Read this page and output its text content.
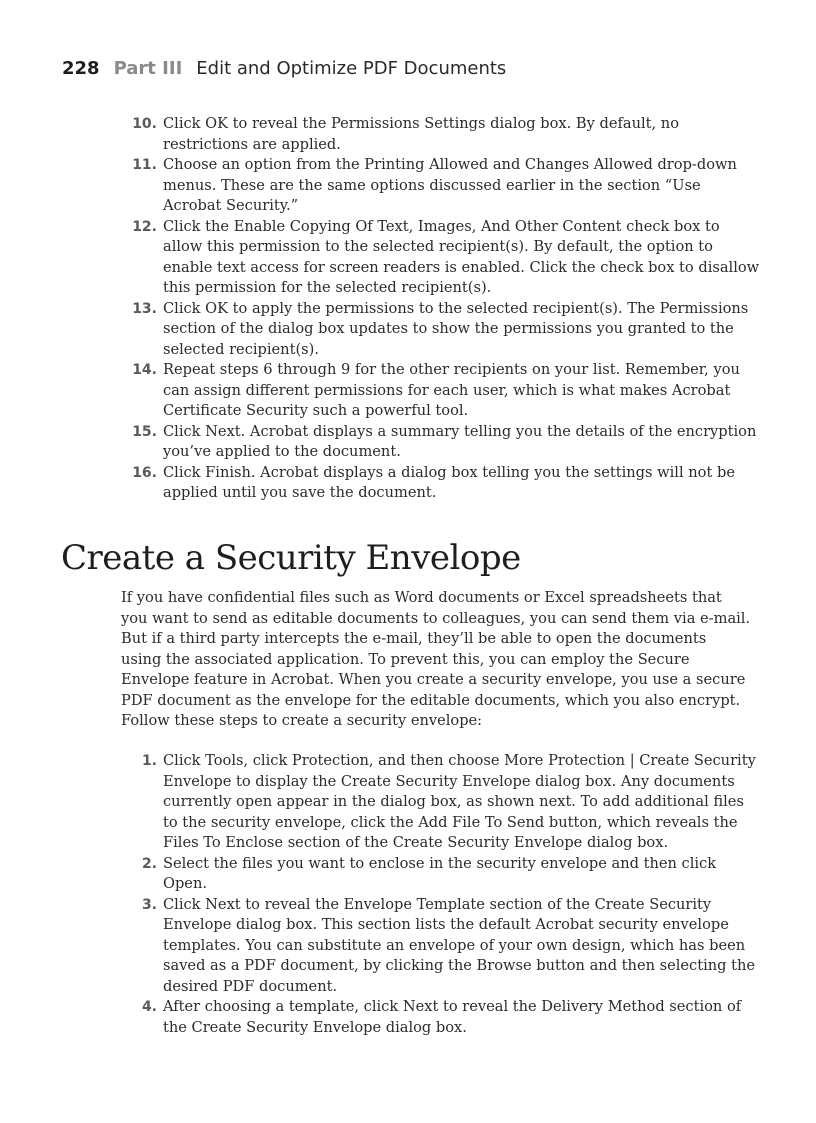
228 Part III Edit and Optimize PDF Documents
10. Click OK to reveal the Permissions Settings dialog box. By default, no restrictions are applied.
11. Choose an option from the Printing Allowed and Changes Allowed drop-down menus. These are the same options discussed earlier in the section “Use Acrobat Security.”
12. Click the Enable Copying Of Text, Images, And Other Content check box to allow this permission to the selected recipient(s). By default, the option to enable text access for screen readers is enabled. Click the check box to disallow this permission for the selected recipient(s).
13. Click OK to apply the permissions to the selected recipient(s). The Permissions section of the dialog box updates to show the permissions you granted to the selected recipient(s).
14. Repeat steps 6 through 9 for the other recipients on your list. Remember, you can assign different permissions for each user, which is what makes Acrobat Certificate Security such a powerful tool.
15. Click Next. Acrobat displays a summary telling you the details of the encryption you’ve applied to the document.
16. Click Finish. Acrobat displays a dialog box telling you the settings will not be applied until you save the document.
Create a Security Envelope

If you have confidential files such as Word documents or Excel spreadsheets that you want to send as editable documents to colleagues, you can send them via e-mail. But if a third party intercepts the e-mail, they’ll be able to open the documents using the associated application. To prevent this, you can employ the Secure Envelope feature in Acrobat. When you create a security envelope, you use a secure PDF document as the envelope for the editable documents, which you also encrypt. Follow these steps to create a security envelope:

1. Click Tools, click Protection, and then choose More Protection | Create Security Envelope to display the Create Security Envelope dialog box. Any documents currently open appear in the dialog box, as shown next. To add additional files to the security envelope, click the Add File To Send button, which reveals the Files To Enclose section of the Create Security Envelope dialog box.
2. Select the files you want to enclose in the security envelope and then click Open.
3. Click Next to reveal the Envelope Template section of the Create Security Envelope dialog box. This section lists the default Acrobat security envelope templates. You can substitute an envelope of your own design, which has been saved as a PDF document, by clicking the Browse button and then selecting the desired PDF document.
4. After choosing a template, click Next to reveal the Delivery Method section of the Create Security Envelope dialog box.
